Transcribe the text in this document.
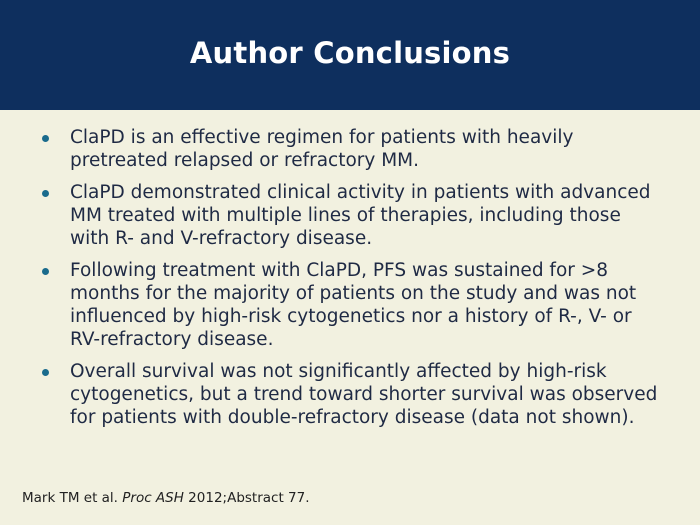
Author Conclusions
ClaPD is an effective regimen for patients with heavily pretreated relapsed or refractory MM.
ClaPD demonstrated clinical activity in patients with advanced MM treated with multiple lines of therapies, including those with R- and V-refractory disease.
Following treatment with ClaPD, PFS was sustained for >8 months for the majority of patients on the study and was not influenced by high-risk cytogenetics nor a history of R-, V- or RV-refractory disease.
Overall survival was not significantly affected by high-risk cytogenetics, but a trend toward shorter survival was observed for patients with double-refractory disease (data not shown).
Mark TM et al. Proc ASH 2012;Abstract 77.
